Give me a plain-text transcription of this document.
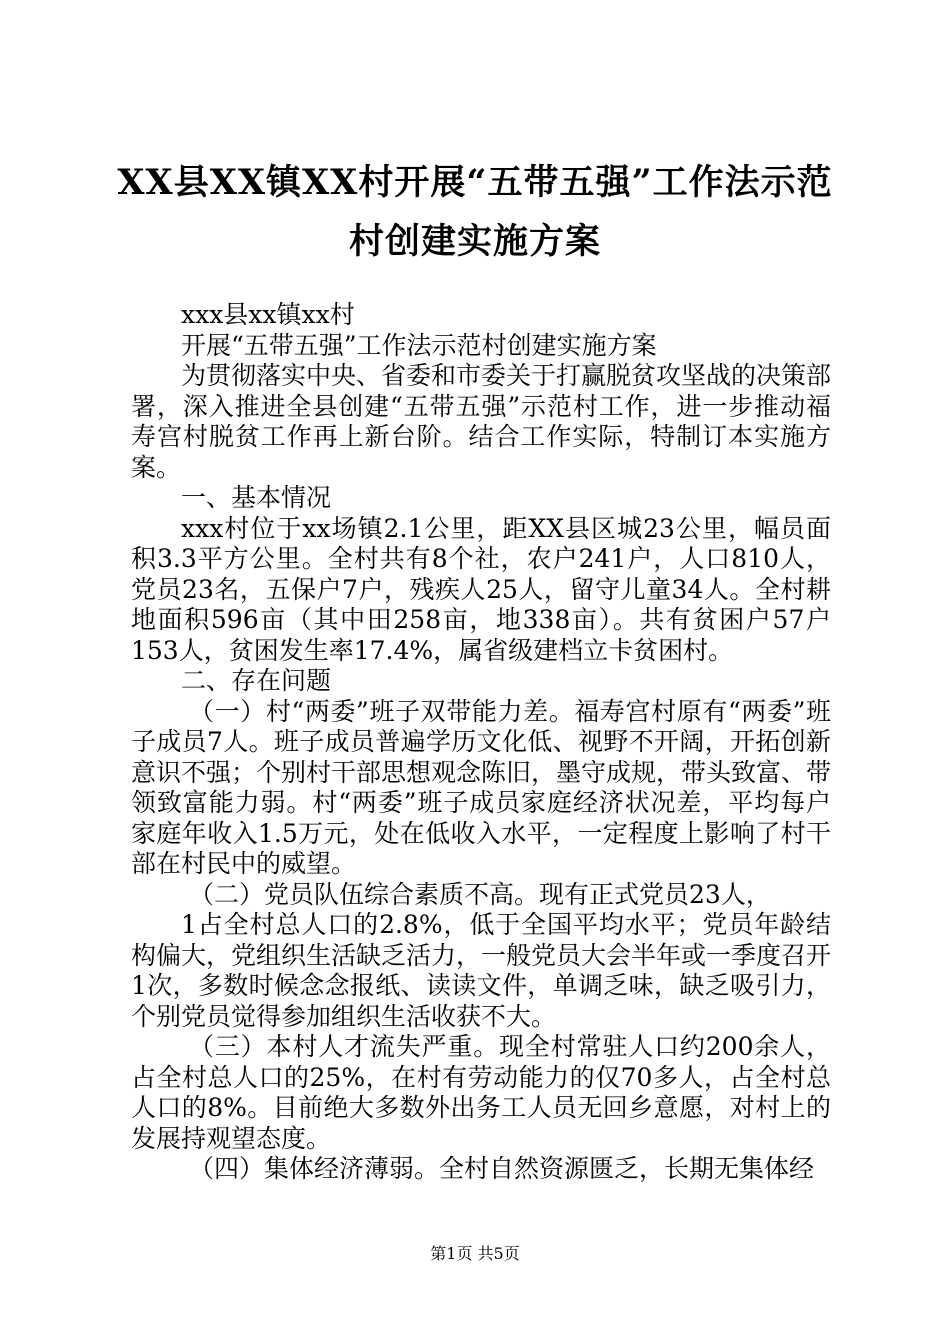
XX县XX镇XX村开展“五带五强”工作法示范
村创建实施方案

xxx县xx镇xx村

开展“五带五强”工作法示范村创建实施方案

为贯彻落实中央、省委和市委关于打赢脱贫攻坚战的决策部署，深入推进全县创建“五带五强”示范村工作，进一步推动福寿宫村脱贫工作再上新台阶。结合工作实际，特制订本实施方案。

一、基本情况

xxx村位于xx场镇2.1公里，距XX县区城23公里，幅员面积3.3平方公里。全村共有8个社，农户241户，人口810人，党员23名，五保户7户，残疾人25人，留守儿童34人。全村耕地面积596亩（其中田258亩，地338亩）。共有贫困户57户153人，贫困发生率17.4%，属省级建档立卡贫困村。

二、存在问题

（一）村“两委”班子双带能力差。福寿宫村原有“两委”班子成员7人。班子成员普遍学历文化低、视野不开阔，开拓创新意识不强；个别村干部思想观念陈旧，墨守成规，带头致富、带领致富能力弱。村“两委”班子成员家庭经济状况差，平均每户家庭年收入1.5万元，处在低收入水平，一定程度上影响了村干部在村民中的威望。

（二）党员队伍综合素质不高。现有正式党员23人，

1占全村总人口的2.8%，低于全国平均水平；党员年龄结构偏大，党组织生活缺乏活力，一般党员大会半年或一季度召开1次，多数时候念念报纸、读读文件，单调乏味，缺乏吸引力，个别党员觉得参加组织生活收获不大。

（三）本村人才流失严重。现全村常驻人口约200余人，占全村总人口的25%，在村有劳动能力的仅70多人，占全村总人口的8%。目前绝大多数外出务工人员无回乡意愿，对村上的发展持观望态度。

（四）集体经济薄弱。全村自然资源匮乏，长期无集体经

第1页 共5页
